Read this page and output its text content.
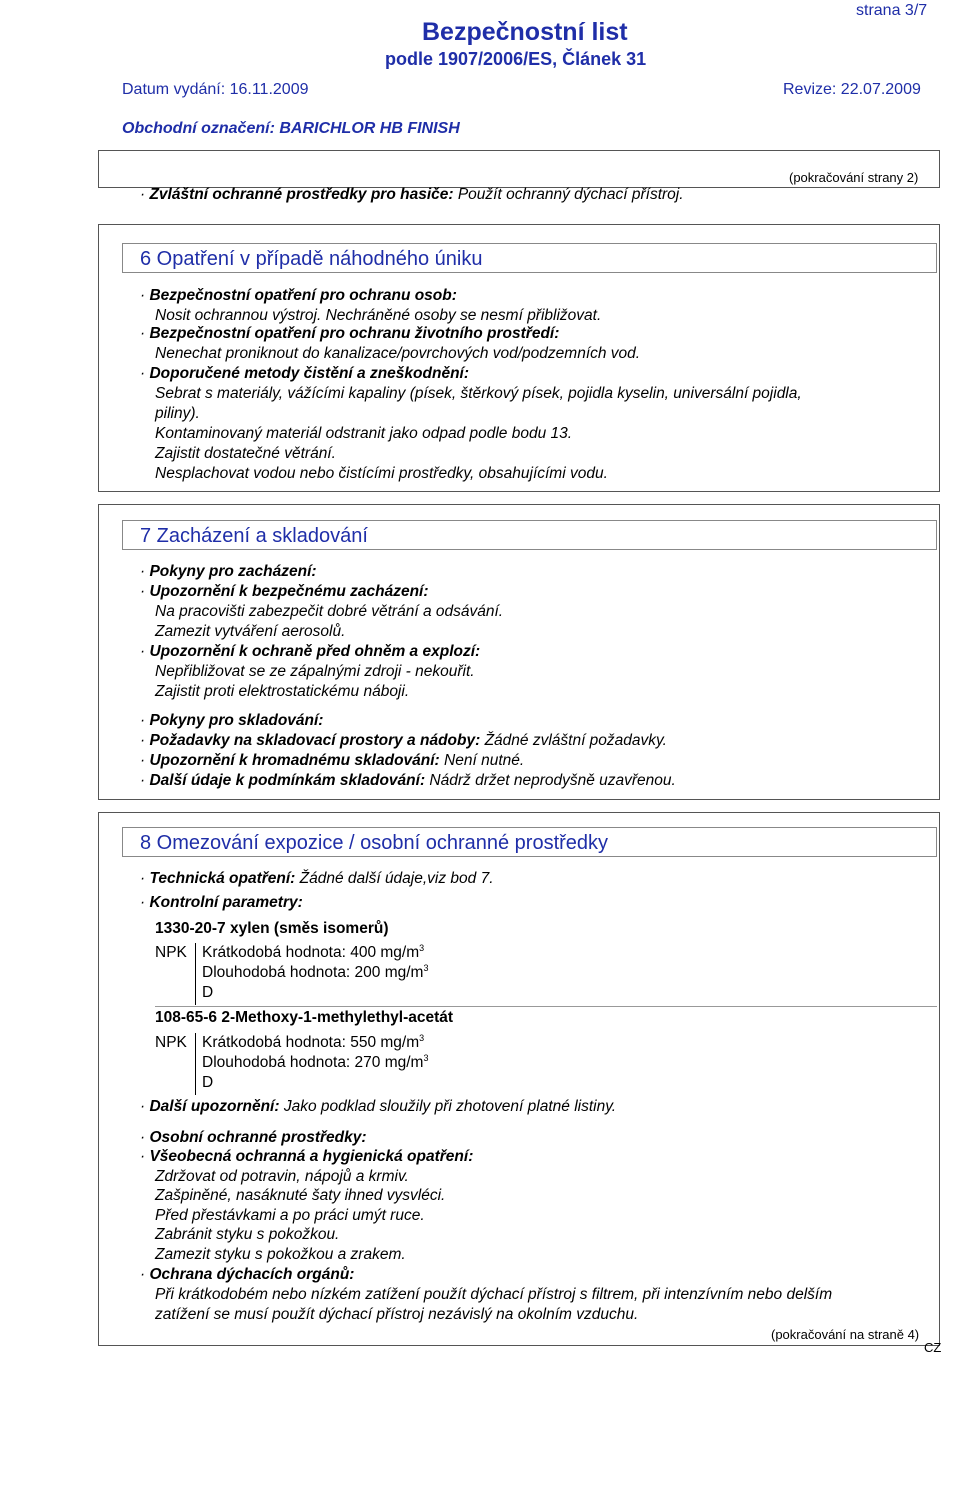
strana 3/7
Bezpečnostní list
podle 1907/2006/ES, Článek 31
Datum vydání: 16.11.2009	Revize: 22.07.2009
Obchodní označení: BARICHLOR HB FINISH
(pokračování strany 2)
· Zvláštní ochranné prostředky pro hasiče: Použít ochranný dýchací přístroj.
6 Opatření v případě náhodného úniku
· Bezpečnostní opatření pro ochranu osob:
Nosit ochrannou výstroj. Nechráněné osoby se nesmí přibližovat.
· Bezpečnostní opatření pro ochranu životního prostředí:
Nenechat proniknout do kanalizace/povrchových vod/podzemních vod.
· Doporučené metody čistění a zneškodnění:
Sebrat s materiály, vážícími kapaliny (písek, štěrkový písek, pojidla kyselin, universální pojidla,
piliny).
Kontaminovaný materiál odstranit jako odpad podle bodu 13.
Zajistit dostatečné větrání.
Nesplachovat vodou nebo čistícími prostředky, obsahujícími vodu.
7 Zacházení a skladování
· Pokyny pro zacházení:
· Upozornění k bezpečnému zacházení:
Na pracovišti zabezpečit dobré větrání a odsávání.
Zamezit vytváření aerosolů.
· Upozornění k ochraně před ohněm a explozí:
Nepřibližovat se ze zápalnými zdroji - nekouřit.
Zajistit proti elektrostatickému náboji.
· Pokyny pro skladování:
· Požadavky na skladovací prostory a nádoby: Žádné zvláštní požadavky.
· Upozornění k hromadnému skladování: Není nutné.
· Další údaje k podmínkám skladování: Nádrž držet neprodyšně uzavřenou.
8 Omezování expozice / osobní ochranné prostředky
· Technická opatření: Žádné další údaje,viz bod 7.
· Kontrolní parametry:
1330-20-7 xylen (směs isomerů)
NPK Krátkodobá hodnota: 400 $mg/m^3$
Dlouhodobá hodnota: 200 $mg/m^3$
D
108-65-6 2-Methoxy-1-methylethyl-acetát
NPK Krátkodobá hodnota: 550 $mg/m^3$
Dlouhodobá hodnota: 270 $mg/m^3$
D
· Další upozornění: Jako podklad sloužily při zhotovení platné listiny.
· Osobní ochranné prostředky:
· Všeobecná ochranná a hygienická opatření:
Zdržovat od potravin, nápojů a krmiv.
Zašpiněné, nasáknuté šaty ihned vysvléci.
Před přestávkami a po práci umýt ruce.
Zabránit styku s pokožkou.
Zamezit styku s pokožkou a zrakem.
· Ochrana dýchacích orgánů:
Při krátkodobém nebo nízkém zatížení použít dýchací přístroj s filtrem, při intenzívním nebo delším
zatížení se musí použít dýchací přístroj nezávislý na okolním vzduchu.
(pokračování na straně 4)
CZ
